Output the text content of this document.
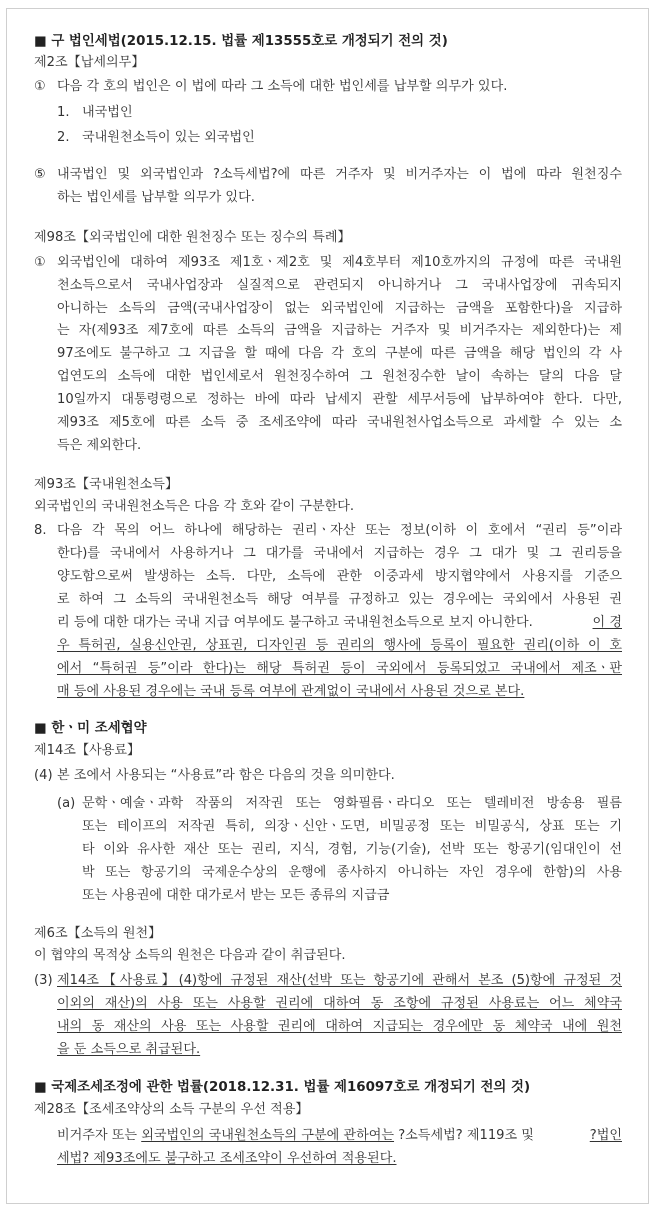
■ 구 법인세법(2015.12.15. 법률 제13555호로 개정되기 전의 것)
제2조【납세의무】
① 다음 각 호의 법인은 이 법에 따라 그 소득에 대한 법인세를 납부할 의무가 있다.
1. 내국법인
2. 국내원천소득이 있는 외국법인
⑤ 내국법인 및 외국법인과 ?소득세법?에 따른 거주자 및 비거주자는 이 법에 따라 원천징수
하는 법인세를 납부할 의무가 있다.
제98조【외국법인에 대한 원천징수 또는 징수의 특례】
① 외국법인에 대하여 제93조 제1호ㆍ제2호 및 제4호부터 제10호까지의 규정에 따른 국내원
천소득으로서 국내사업장과 실질적으로 관련되지 아니하거나 그 국내사업장에 귀속되지
아니하는 소득의 금액(국내사업장이 없는 외국법인에 지급하는 금액을 포함한다)을 지급하
는 자(제93조 제7호에 따른 소득의 금액을 지급하는 거주자 및 비거주자는 제외한다)는 제
97조에도 불구하고 그 지급을 할 때에 다음 각 호의 구분에 따른 금액을 해당 법인의 각 사
업연도의 소득에 대한 법인세로서 원천징수하여 그 원천징수한 날이 속하는 달의 다음 달
10일까지 대통령령으로 정하는 바에 따라 납세지 관할 세무서등에 납부하여야 한다. 다만,
제93조 제5호에 따른 소득 중 조세조약에 따라 국내원천사업소득으로 과세할 수 있는 소
득은 제외한다.
제93조【국내원천소득】
외국법인의 국내원천소득은 다음 각 호와 같이 구분한다.
8. 다음 각 목의 어느 하나에 해당하는 권리ㆍ자산 또는 정보(이하 이 호에서 “권리 등”이라
한다)를 국내에서 사용하거나 그 대가를 국내에서 지급하는 경우 그 대가 및 그 권리등을
양도함으로써 발생하는 소득. 다만, 소득에 관한 이중과세 방지협약에서 사용지를 기준으
로 하여 그 소득의 국내원천소득 해당 여부를 규정하고 있는 경우에는 국외에서 사용된 권
리 등에 대한 대가는 국내 지급 여부에도 불구하고 국내원천소득으로 보지 아니한다.	이 경
우 특허권, 실용신안권, 상표권, 디자인권 등 권리의 행사에 등록이 필요한 권리(이하 이 호
에서 “특허권 등”이라 한다)는 해당 특허권 등이 국외에서 등록되었고 국내에서 제조ㆍ판
매 등에 사용된 경우에는 국내 등록 여부에 관계없이 국내에서 사용된 것으로 본다.
■ 한ㆍ미 조세협약
제14조【사용료】
(4) 본 조에서 사용되는 “사용료”라 함은 다음의 것을 의미한다.
(a) 문학ㆍ예술ㆍ과학 작품의 저작권 또는 영화필름ㆍ라디오 또는 텔레비전 방송용 필름
또는 테이프의 저작권 특히, 의장ㆍ신안ㆍ도면, 비밀공정 또는 비밀공식, 상표 또는 기
타 이와 유사한 재산 또는 권리, 지식, 경험, 기능(기술), 선박 또는 항공기(임대인이 선
박 또는 항공기의 국제운수상의 운행에 종사하지 아니하는 자인 경우에 한함)의 사용
또는 사용권에 대한 대가로서 받는 모든 종류의 지급금
제6조【소득의 원천】
이 협약의 목적상 소득의 원천은 다음과 같이 취급된다.
(3) 제14조【사용료】(4)항에 규정된 재산(선박 또는 항공기에 관해서 본조 (5)항에 규정된 것
이외의 재산)의 사용 또는 사용할 권리에 대하여 동 조항에 규정된 사용료는 어느 체약국
내의 동 재산의 사용 또는 사용할 권리에 대하여 지급되는 경우에만 동 체약국 내에 원천
을 둔 소득으로 취급된다.
■ 국제조세조정에 관한 법률(2018.12.31. 법률 제16097호로 개정되기 전의 것)
제28조【조세조약상의 소득 구분의 우선 적용】
비거주자 또는 외국법인의 국내원천소득의 구분에 관하여는 ?소득세법? 제119조 및	?법인
세법? 제93조에도 불구하고 조세조약이 우선하여 적용된다.
